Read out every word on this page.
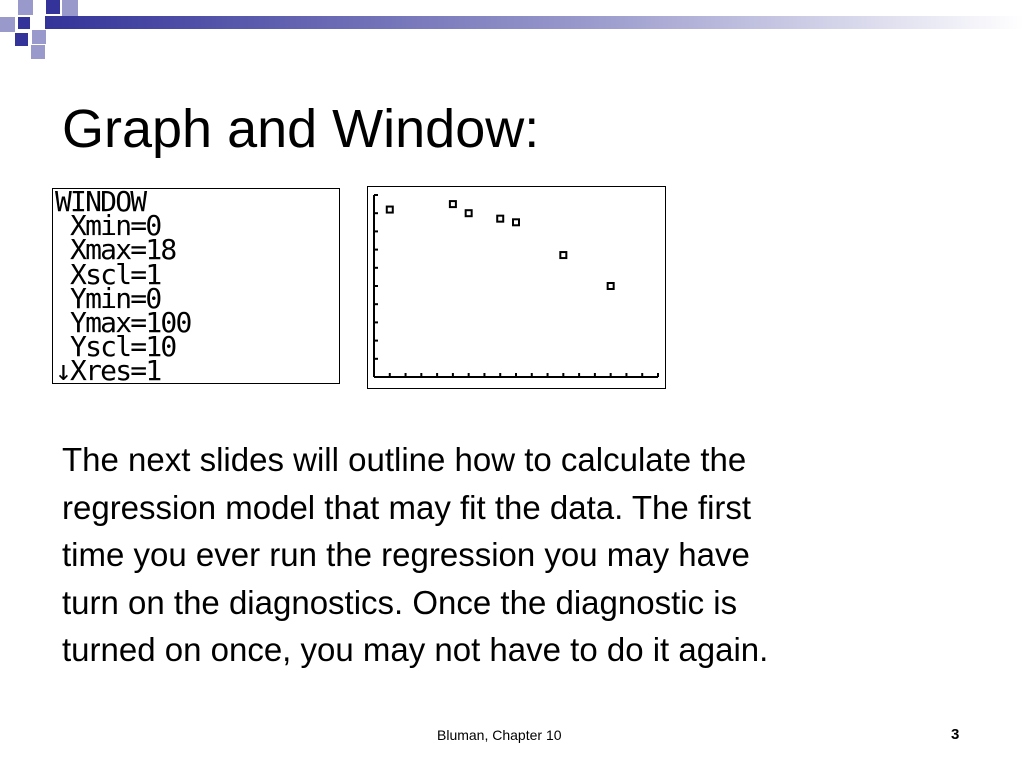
Graph and Window:
WINDOW
Xmin=0
Xmax=18
Xscl=1
Ymin=0
Ymax=100
Yscl=10
↓Xres=1
The next slides will outline how to calculate the
regression model that may fit the data. The first
time you ever run the regression you may have
turn on the diagnostics. Once the diagnostic is
turned on once, you may not have to do it again.
Bluman, Chapter 10	3
